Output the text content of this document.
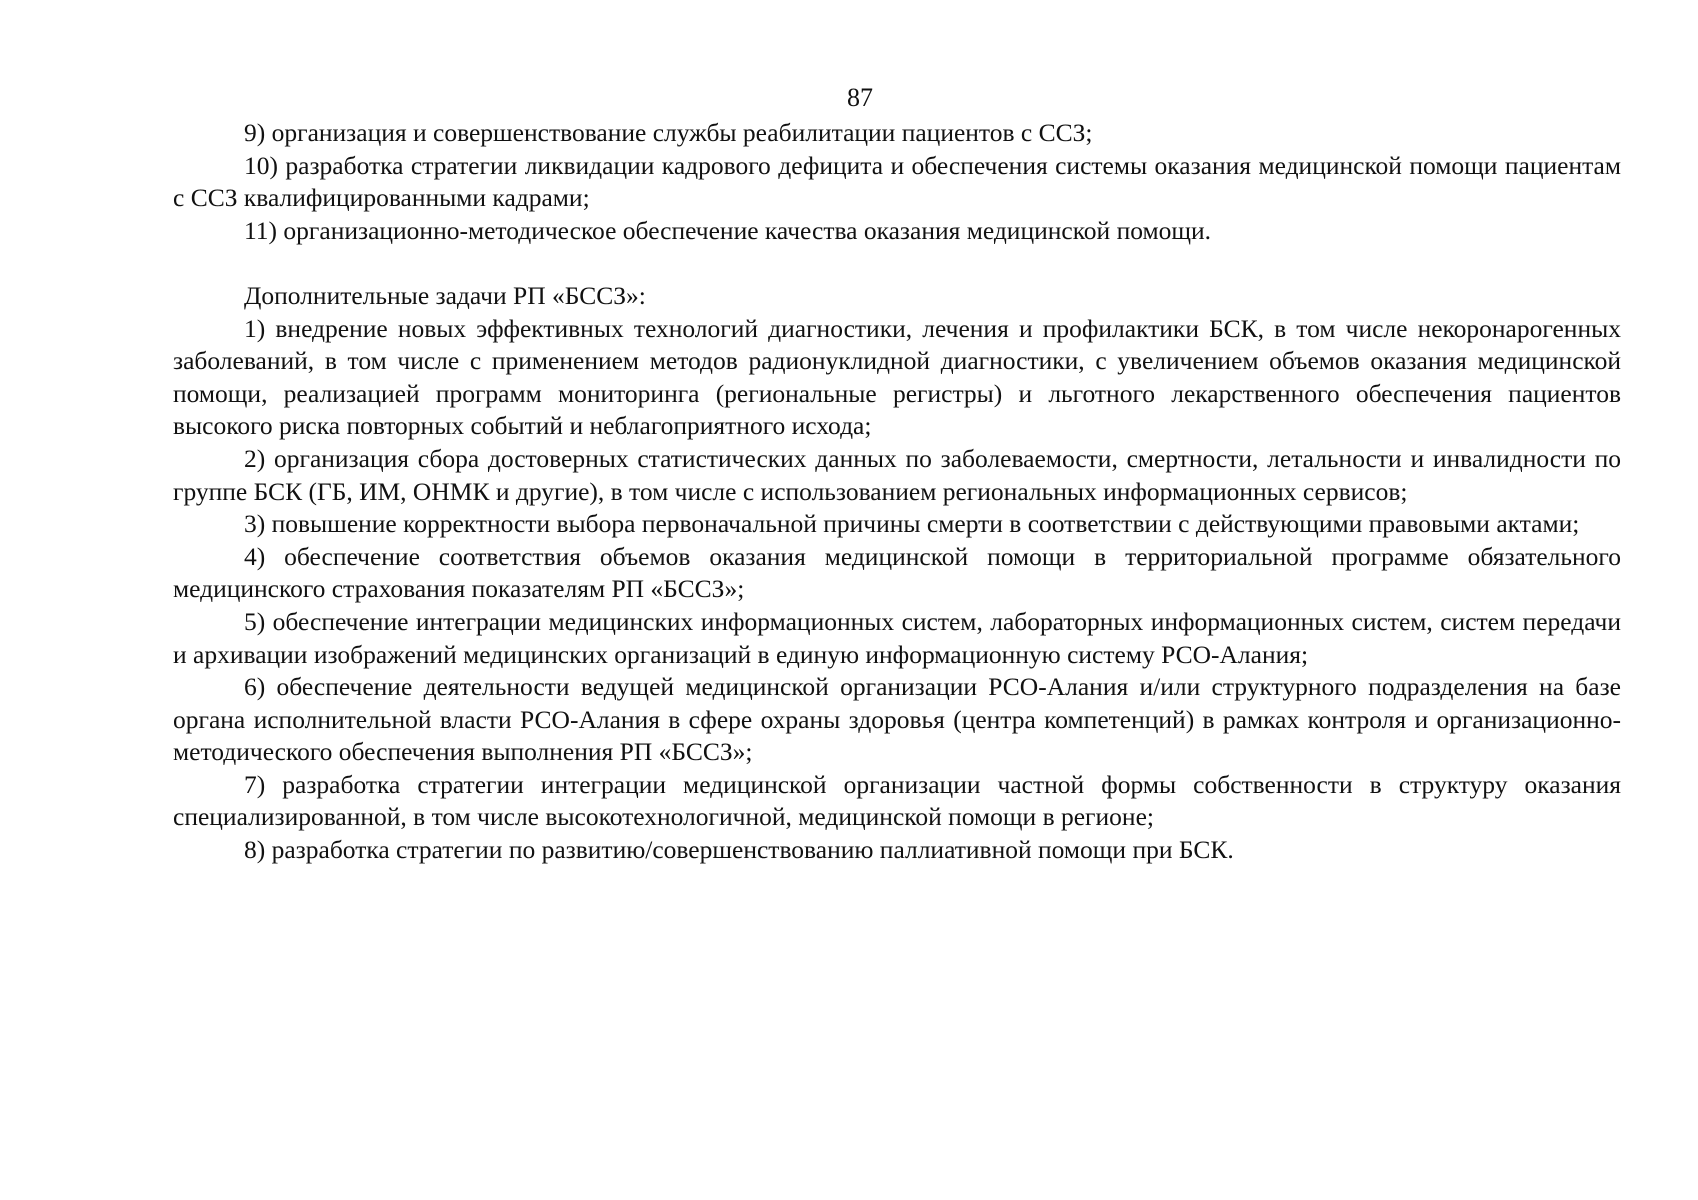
87

9) организация и совершенствование службы реабилитации пациентов с ССЗ;

10) разработка стратегии ликвидации кадрового дефицита и обеспечения системы оказания медицинской помощи пациентам с ССЗ квалифицированными кадрами;

11) организационно-методическое обеспечение качества оказания медицинской помощи.

Дополнительные задачи РП «БССЗ»:

1) внедрение новых эффективных технологий диагностики, лечения и профилактики БСК, в том числе некоронарогенных заболеваний, в том числе с применением методов радионуклидной диагностики, с увеличением объемов оказания медицинской помощи, реализацией программ мониторинга (региональные регистры) и льготного лекарственного обеспечения пациентов высокого риска повторных событий и неблагоприятного исхода;

2) организация сбора достоверных статистических данных по заболеваемости, смертности, летальности и инвалидности по группе БСК (ГБ, ИМ, ОНМК и другие), в том числе с использованием региональных информационных сервисов;

3) повышение корректности выбора первоначальной причины смерти в соответствии с действующими правовыми актами;

4) обеспечение соответствия объемов оказания медицинской помощи в территориальной программе обязательного медицинского страхования показателям РП «БССЗ»;

5) обеспечение интеграции медицинских информационных систем, лабораторных информационных систем, систем передачи и архивации изображений медицинских организаций в единую информационную систему РСО-Алания;

6) обеспечение деятельности ведущей медицинской организации РСО-Алания и/или структурного подразделения на базе органа исполнительной власти РСО-Алания в сфере охраны здоровья (центра компетенций) в рамках контроля и организационно-методического обеспечения выполнения РП «БССЗ»;

7) разработка стратегии интеграции медицинской организации частной формы собственности в структуру оказания специализированной, в том числе высокотехнологичной, медицинской помощи в регионе;

8) разработка стратегии по развитию/совершенствованию паллиативной помощи при БСК.
